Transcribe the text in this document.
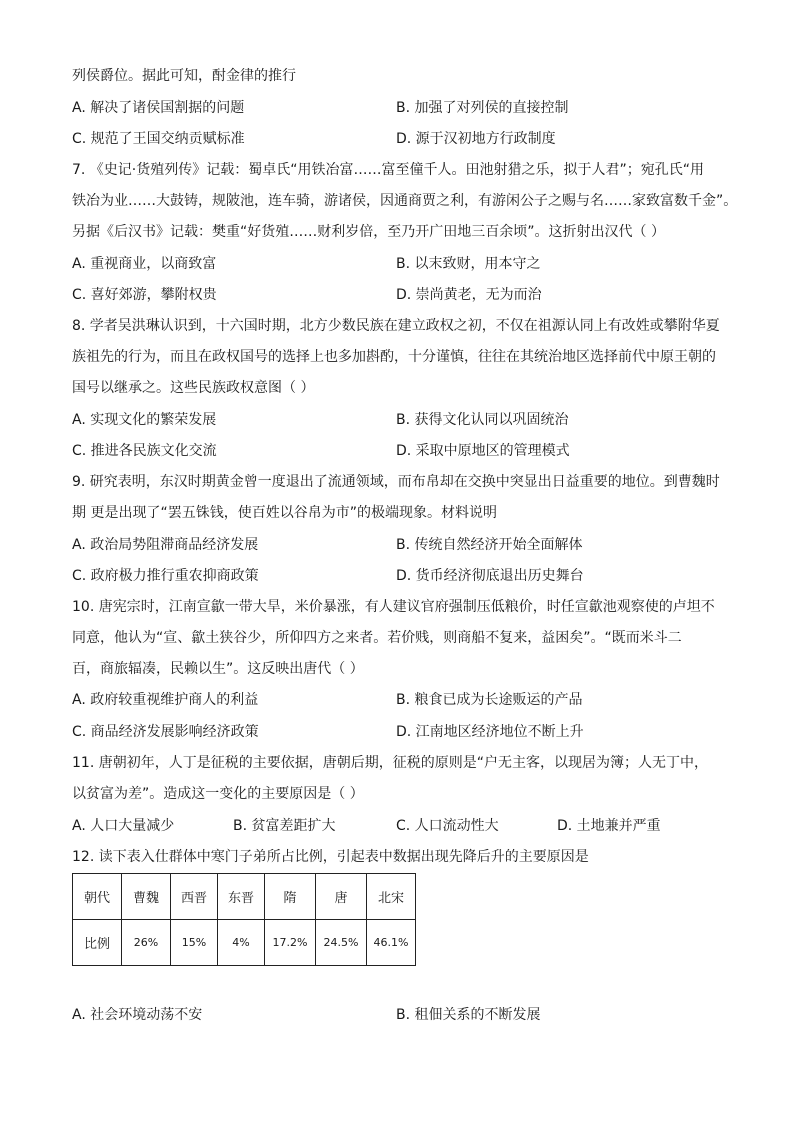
列侯爵位。据此可知，酎金律的推行
A. 解决了诸侯国割据的问题	B. 加强了对列侯的直接控制
C. 规范了王国交纳贡赋标准	D. 源于汉初地方行政制度
7. 《史记·货殖列传》记载：蜀卓氏“用铁冶富……富至僮千人。田池射猎之乐，拟于人君”；宛孔氏“用
铁冶为业……大鼓铸，规陂池，连车骑，游诸侯，因通商贾之利，有游闲公子之赐与名……家致富数千金”。
另据《后汉书》记载：樊重“好货殖……财利岁倍，至乃开广田地三百余顷”。这折射出汉代（ ）
A. 重视商业，以商致富	B. 以末致财，用本守之
C. 喜好郊游，攀附权贵	D. 崇尚黄老，无为而治
8. 学者吴洪琳认识到，十六国时期，北方少数民族在建立政权之初，不仅在祖源认同上有改姓或攀附华夏
族祖先的行为，而且在政权国号的选择上也多加斟酌，十分谨慎，往往在其统治地区选择前代中原王朝的
国号以继承之。这些民族政权意图（ ）
A. 实现文化的繁荣发展	B. 获得文化认同以巩固统治
C. 推进各民族文化交流	D. 采取中原地区的管理模式
9. 研究表明，东汉时期黄金曾一度退出了流通领域，而布帛却在交换中突显出日益重要的地位。到曹魏时
期 更是出现了“罢五铢钱，使百姓以谷帛为市”的极端现象。材料说明
A. 政治局势阻滞商品经济发展	B. 传统自然经济开始全面解体
C. 政府极力推行重农抑商政策	D. 货币经济彻底退出历史舞台
10. 唐宪宗时，江南宣歙一带大旱，米价暴涨，有人建议官府强制压低粮价，时任宣歙池观察使的卢坦不
同意，他认为“宣、歙土狭谷少，所仰四方之来者。若价贱，则商船不复来，益困矣”。“既而米斗二
百，商旅辐凑，民赖以生”。这反映出唐代（ ）
A. 政府较重视维护商人的利益	B. 粮食已成为长途贩运的产品
C. 商品经济发展影响经济政策	D. 江南地区经济地位不断上升
11. 唐朝初年，人丁是征税的主要依据，唐朝后期，征税的原则是“户无主客，以现居为簿；人无丁中，
以贫富为差”。造成这一变化的主要原因是（ ）
A. 人口大量减少	B. 贫富差距扩大	C. 人口流动性大	D. 土地兼并严重
12. 读下表入仕群体中寒门子弟所占比例，引起表中数据出现先降后升的主要原因是
朝代	曹魏	西晋	东晋	隋	唐	北宋
比例	26%	15%	4%	17.2%	24.5%	46.1%
A. 社会环境动荡不安	B. 租佃关系的不断发展
